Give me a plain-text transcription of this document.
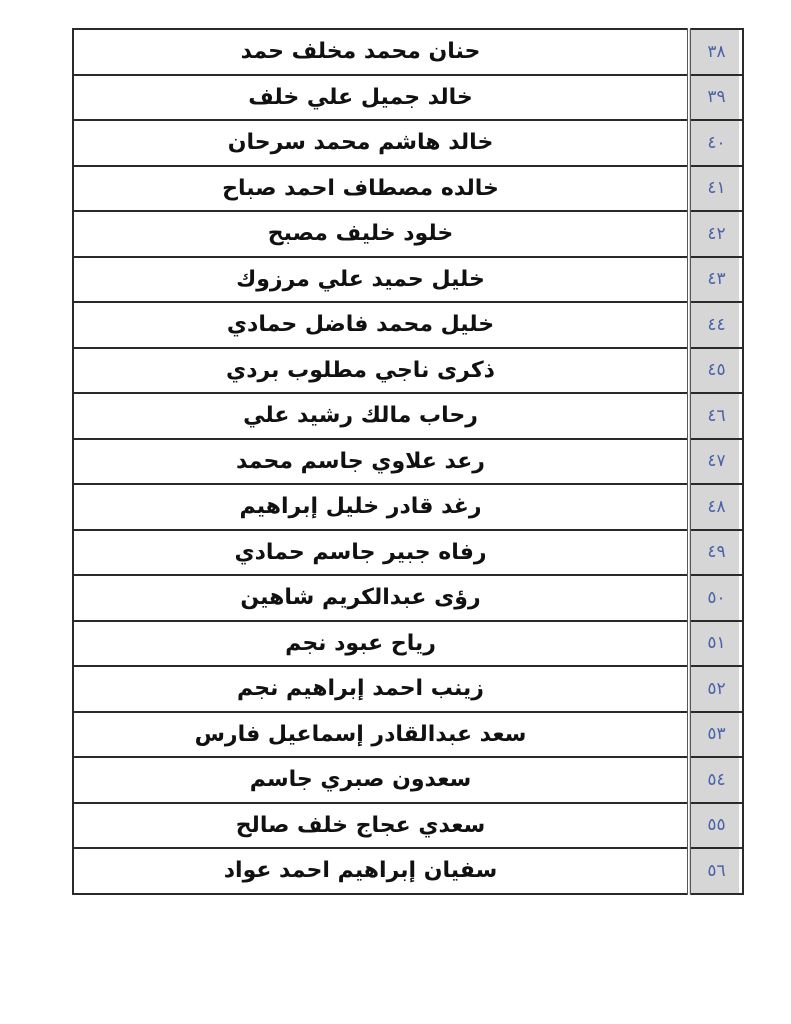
٣٨	حنان محمد مخلف حمد
٣٩	خالد جميل علي خلف
٤٠	خالد هاشم محمد سرحان
٤١	خالده مصطاف احمد صباح
٤٢	خلود خليف مصبح
٤٣	خليل حميد علي مرزوك
٤٤	خليل محمد فاضل حمادي
٤٥	ذكرى ناجي مطلوب بردي
٤٦	رحاب مالك رشيد علي
٤٧	رعد علاوي جاسم محمد
٤٨	رغد قادر خليل إبراهيم
٤٩	رفاه جبير جاسم حمادي
٥٠	رؤى عبدالكريم شاهين
٥١	رياح عبود نجم
٥٢	زينب احمد إبراهيم نجم
٥٣	سعد عبدالقادر إسماعيل فارس
٥٤	سعدون صبري جاسم
٥٥	سعدي عجاج خلف صالح
٥٦	سفيان إبراهيم احمد عواد
